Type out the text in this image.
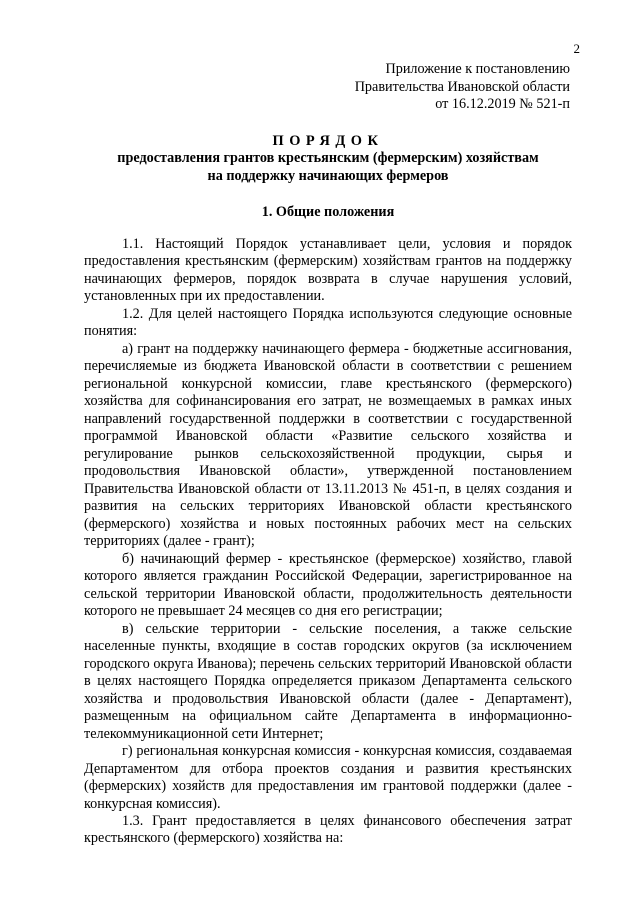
2
Приложение к постановлению
Правительства Ивановской области
от 16.12.2019 № 521-п
ПОРЯДОК
предоставления грантов крестьянским (фермерским) хозяйствам
на поддержку начинающих фермеров
1. Общие положения

1.1. Настоящий Порядок устанавливает цели, условия и порядок предоставления крестьянским (фермерским) хозяйствам грантов на поддержку начинающих фермеров, порядок возврата в случае нарушения условий, установленных при их предоставлении.

1.2. Для целей настоящего Порядка используются следующие основные понятия:

а) грант на поддержку начинающего фермера - бюджетные ассигнования, перечисляемые из бюджета Ивановской области в соответствии с решением региональной конкурсной комиссии, главе крестьянского (фермерского) хозяйства для софинансирования его затрат, не возмещаемых в рамках иных направлений государственной поддержки в соответствии с государственной программой Ивановской области «Развитие сельского хозяйства и регулирование рынков сельскохозяйственной продукции, сырья и продовольствия Ивановской области», утвержденной постановлением Правительства Ивановской области от 13.11.2013 № 451-п, в целях создания и развития на сельских территориях Ивановской области крестьянского (фермерского) хозяйства и новых постоянных рабочих мест на сельских территориях (далее - грант);

б) начинающий фермер - крестьянское (фермерское) хозяйство, главой которого является гражданин Российской Федерации, зарегистрированное на сельской территории Ивановской области, продолжительность деятельности которого не превышает 24 месяцев со дня его регистрации;

в) сельские территории - сельские поселения, а также сельские населенные пункты, входящие в состав городских округов (за исключением городского округа Иванова); перечень сельских территорий Ивановской области в целях настоящего Порядка определяется приказом Департамента сельского хозяйства и продовольствия Ивановской области (далее - Департамент), размещенным на официальном сайте Департамента в информационно-телекоммуникационной сети Интернет;

г) региональная конкурсная комиссия - конкурсная комиссия, создаваемая Департаментом для отбора проектов создания и развития крестьянских (фермерских) хозяйств для предоставления им грантовой поддержки (далее - конкурсная комиссия).

1.3. Грант предоставляется в целях финансового обеспечения затрат крестьянского (фермерского) хозяйства на:
